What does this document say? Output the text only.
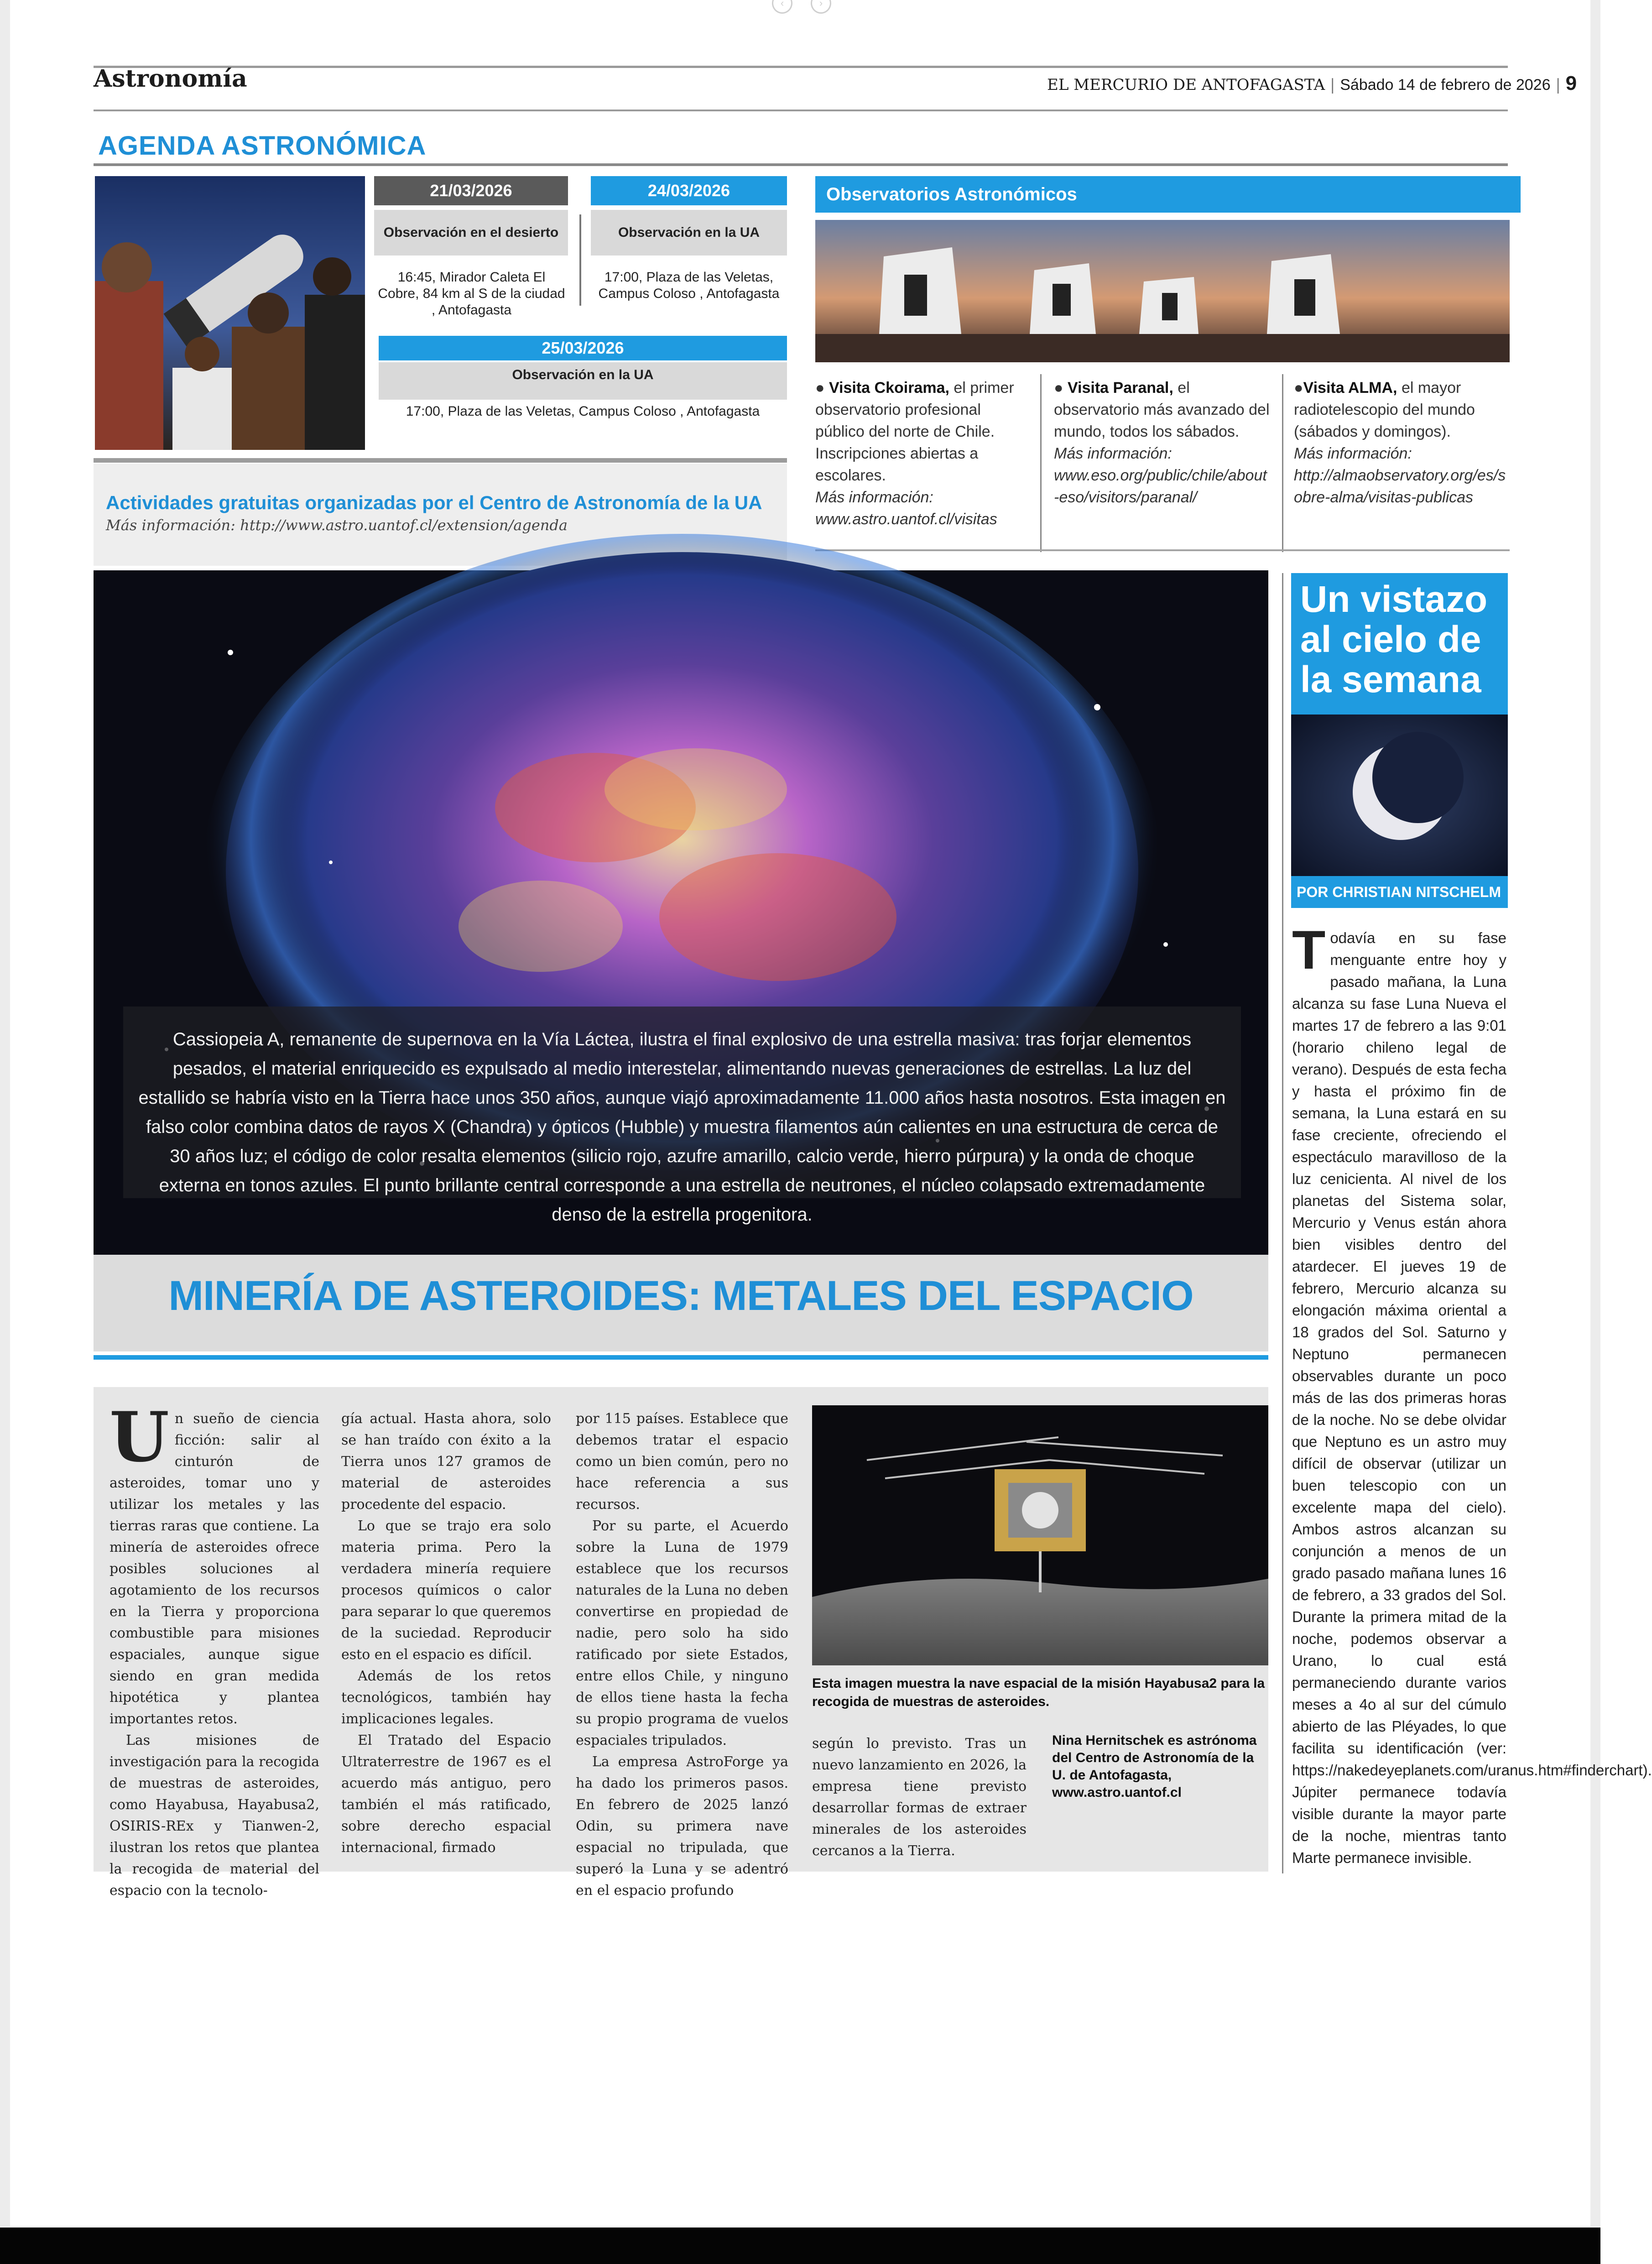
‹	›
Astronomía	EL MERCURIO DE ANTOFAGASTA | Sábado 14 de febrero de 2026 | 9
AGENDA ASTRONÓMICA
21/03/2026
Observación en el desierto
16:45, Mirador Caleta El Cobre, 84 km al S de la ciudad , Antofagasta
24/03/2026
Observación en la UA
17:00, Plaza de las Veletas, Campus Coloso , Antofagasta
25/03/2026
Observación en la UA
17:00, Plaza de las Veletas, Campus Coloso , Antofagasta
Actividades gratuitas organizadas por el Centro de Astronomía de la UA
Más información: http://www.astro.uantof.cl/extension/agenda
Observatorios Astronómicos
● Visita Ckoirama, el primer observatorio profesional público del norte de Chile. Inscripciones abiertas a escolares.
Más información:
www.astro.uantof.cl/visitas
● Visita Paranal, el observatorio más avanzado del mundo, todos los sábados.
Más información:
www.eso.org/public/chile/about-eso/visitors/paranal/
●Visita ALMA, el mayor radiotelescopio del mundo (sábados y domingos).
Más información:
http://almaobservatory.org/es/sobre-alma/visitas-publicas
Cassiopeia A, remanente de supernova en la Vía Láctea, ilustra el final explosivo de una estrella masiva: tras forjar elementos pesados, el material enriquecido es expulsado al medio interestelar, alimentando nuevas generaciones de estrellas. La luz del estallido se habría visto en la Tierra hace unos 350 años, aunque viajó aproximadamente 11.000 años hasta nosotros. Esta imagen en falso color combina datos de rayos X (Chandra) y ópticos (Hubble) y muestra filamentos aún calientes en una estructura de cerca de 30 años luz; el código de color resalta elementos (silicio rojo, azufre amarillo, calcio verde, hierro púrpura) y la onda de choque externa en tonos azules. El punto brillante central corresponde a una estrella de neutrones, el núcleo colapsado extremadamente denso de la estrella progenitora.
MINERÍA DE ASTEROIDES: METALES DEL ESPACIO

Un sueño de ciencia ficción: salir al cinturón de asteroides, tomar uno y utilizar los metales y las tierras raras que contiene. La minería de asteroides ofrece posibles soluciones al agotamiento de los recursos en la Tierra y proporciona combustible para misiones espaciales, aunque sigue siendo en gran medida hipotética y plantea importantes retos.

Las misiones de investigación para la recogida de muestras de asteroides, como Hayabusa, Hayabusa2, OSIRIS-REx y Tianwen-2, ilustran los retos que plantea la recogida de material del espacio con la tecnolo-

gía actual. Hasta ahora, solo se han traído con éxito a la Tierra unos 127 gramos de material de asteroides procedente del espacio.

Lo que se trajo era solo materia prima. Pero la verdadera minería requiere procesos químicos o calor para separar lo que queremos de la suciedad. Reproducir esto en el espacio es difícil.

Además de los retos tecnológicos, también hay implicaciones legales.

El Tratado del Espacio Ultraterrestre de 1967 es el acuerdo más antiguo, pero también el más ratificado, sobre derecho espacial internacional, firmado

por 115 países. Establece que debemos tratar el espacio como un bien común, pero no hace referencia a sus recursos.

Por su parte, el Acuerdo sobre la Luna de 1979 establece que los recursos naturales de la Luna no deben convertirse en propiedad de nadie, pero solo ha sido ratificado por siete Estados, entre ellos Chile, y ninguno de ellos tiene hasta la fecha su propio programa de vuelos espaciales tripulados.

La empresa AstroForge ya ha dado los primeros pasos. En febrero de 2025 lanzó Odin, su primera nave espacial no tripulada, que superó la Luna y se adentró en el espacio profundo

Esta imagen muestra la nave espacial de la misión Hayabusa2 para la recogida de muestras de asteroides.

según lo previsto. Tras un nuevo lanzamiento en 2026, la empresa tiene previsto desarrollar formas de extraer minerales de los asteroides cercanos a la Tierra.

Nina Hernitschek es astrónoma del Centro de Astronomía de la U. de Antofagasta, www.astro.uantof.cl
Un vistazo al cielo de la semana
POR CHRISTIAN NITSCHELM
Todavía en su fase menguante entre hoy y pasado mañana, la Luna alcanza su fase Luna Nueva el martes 17 de febrero a las 9:01 (horario chileno legal de verano). Después de esta fecha y hasta el próximo fin de semana, la Luna estará en su fase creciente, ofreciendo el espectáculo maravilloso de la luz cenicienta. Al nivel de los planetas del Sistema solar, Mercurio y Venus están ahora bien visibles dentro del atardecer. El jueves 19 de febrero, Mercurio alcanza su elongación máxima oriental a 18 grados del Sol. Saturno y Neptuno permanecen observables durante un poco más de las dos primeras horas de la noche. No se debe olvidar que Neptuno es un astro muy difícil de observar (utilizar un buen telescopio con un excelente mapa del cielo). Ambos astros alcanzan su conjunción a menos de un grado pasado mañana lunes 16 de febrero, a 33 grados del Sol. Durante la primera mitad de la noche, podemos observar a Urano, lo cual está permaneciendo durante varios meses a 4o al sur del cúmulo abierto de las Pléyades, lo que facilita su identificación (ver: https://nakedeyeplanets.com/uranus.htm#finderchart). Júpiter permanece todavía visible durante la mayor parte de la noche, mientras tanto Marte permanece invisible.
